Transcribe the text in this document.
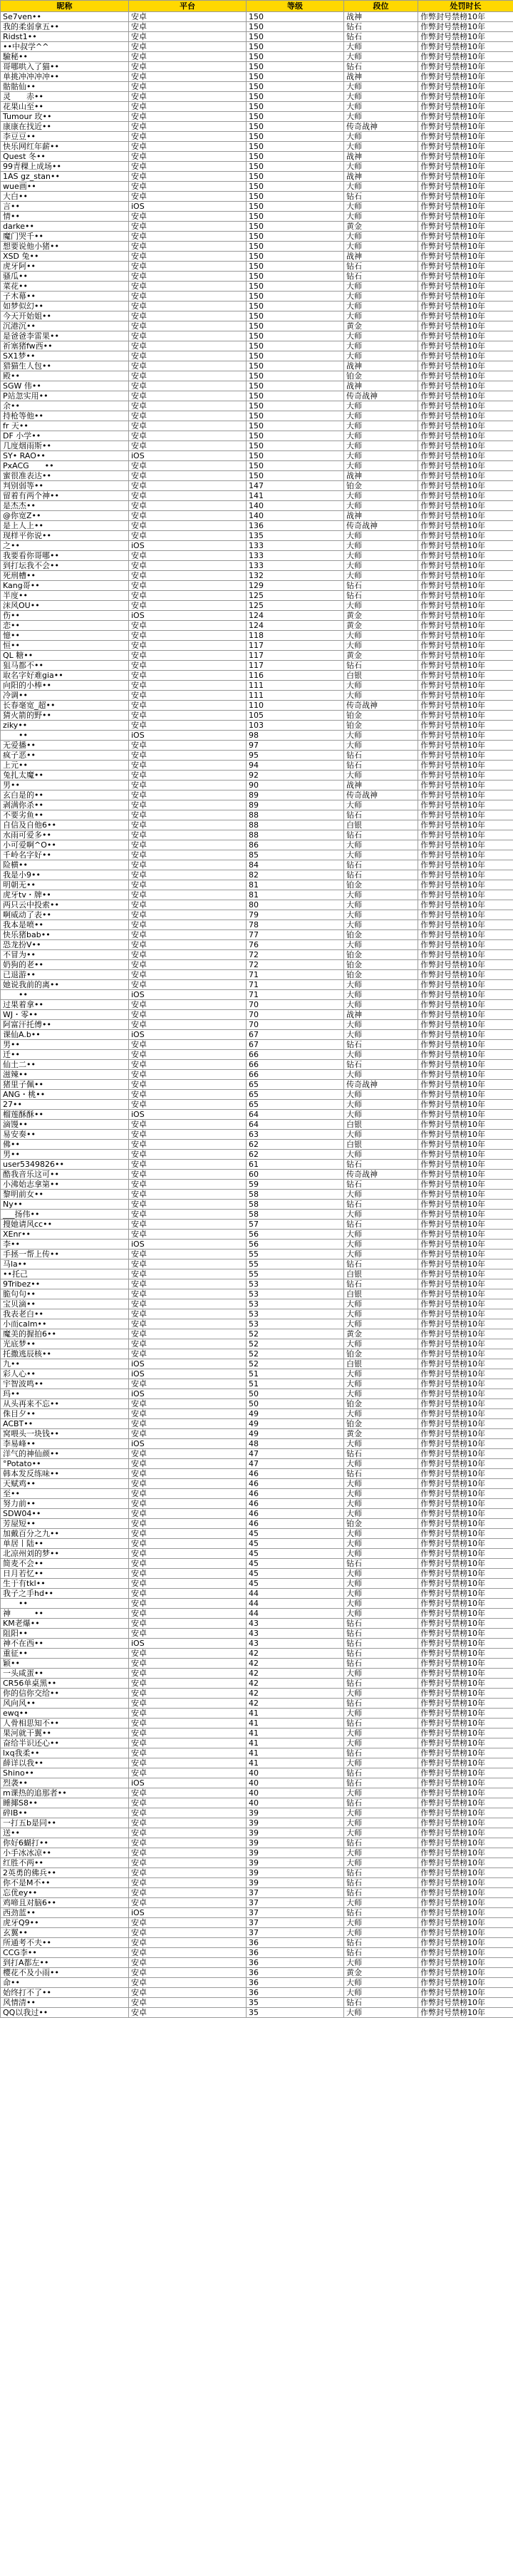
昵称	平台	等级	段位	处罚时长
Se7ven••	安卓	150	战神	作弊封号禁榜10年
我的柔弱拿五••	安卓	150	钻石	作弊封号禁榜10年
Ridst1••	安卓	150	钻石	作弊封号禁榜10年
••中叔学^^	安卓	150	大师	作弊封号禁榜10年
驗秘••	安卓	150	大师	作弊封号禁榜10年
哥哪哄入了猫••	安卓	150	钻石	作弊封号禁榜10年
单挑冲冲冲冲••	安卓	150	战神	作弊封号禁榜10年
骷骷仙••	安卓	150	大师	作弊封号禁榜10年
灵　　赤••	安卓	150	大师	作弊封号禁榜10年
花果山至••	安卓	150	大师	作弊封号禁榜10年
Tumour 玫••	安卓	150	大师	作弊封号禁榜10年
康康在找近••	安卓	150	传奇战神	作弊封号禁榜10年
李豆豆••	安卓	150	大师	作弊封号禁榜10年
快乐网红年薪••	安卓	150	大师	作弊封号禁榜10年
Quest 冬••	安卓	150	战神	作弊封号禁榜10年
99青稞上成场••	安卓	150	大师	作弊封号禁榜10年
1AS gz_stan••	安卓	150	战神	作弊封号禁榜10年
wue画••	安卓	150	大师	作弊封号禁榜10年
大白••	安卓	150	钻石	作弊封号禁榜10年
言••	iOS	150	大师	作弊封号禁榜10年
情••	安卓	150	大师	作弊封号禁榜10年
darke••	安卓	150	黄金	作弊封号禁榜10年
魔门哭千••	安卓	150	大师	作弊封号禁榜10年
想要说他小猪••	安卓	150	大师	作弊封号禁榜10年
XSD 兔••	安卓	150	战神	作弊封号禁榜10年
虎牙阿••	安卓	150	钻石	作弊封号禁榜10年
骚瓜••	安卓	150	钻石	作弊封号禁榜10年
菜花••	安卓	150	大师	作弊封号禁榜10年
子木幕••	安卓	150	大师	作弊封号禁榜10年
如梦似幻••	安卓	150	大师	作弊封号禁榜10年
今天开始姐••	安卓	150	大师	作弊封号禁榜10年
沉港沉••	安卓	150	黄金	作弊封号禁榜10年
是爸爸李雷果••	安卓	150	大师	作弊封号禁榜10年
祈塞猪fw西••	安卓	150	大师	作弊封号禁榜10年
SX1梦••	安卓	150	大师	作弊封号禁榜10年
猎猫生人包••	安卓	150	战神	作弊封号禁榜10年
殿••	安卓	150	铂金	作弊封号禁榜10年
SGW 伟••	安卓	150	战神	作弊封号禁榜10年
P站忽实用••	安卓	150	传奇战神	作弊封号禁榜10年
余••	安卓	150	大师	作弊封号禁榜10年
持枪等他••	安卓	150	大师	作弊封号禁榜10年
fr 天••	安卓	150	大师	作弊封号禁榜10年
DF 小学••	安卓	150	大师	作弊封号禁榜10年
几度烟雨斯••	安卓	150	大师	作弊封号禁榜10年
SY• RAO••	iOS	150	大师	作弊封号禁榜10年
PxACG　　••	安卓	150	大师	作弊封号禁榜10年
蜜很准表达••	安卓	150	战神	作弊封号禁榜10年
判别弱等••	安卓	147	铂金	作弊封号禁榜10年
留着有两个神••	安卓	141	大师	作弊封号禁榜10年
是杰杰••	安卓	140	大师	作弊封号禁榜10年
@你宽Z••	安卓	140	战神	作弊封号禁榜10年
是上人上••	安卓	136	传奇战神	作弊封号禁榜10年
现样平你说••	安卓	135	大师	作弊封号禁榜10年
之••	iOS	133	大师	作弊封号禁榜10年
我要看你哥哪••	安卓	133	大师	作弊封号禁榜10年
到打坛我不会••	安卓	133	大师	作弊封号禁榜10年
死刑槽••	安卓	132	大师	作弊封号禁榜10年
Kang哥••	安卓	129	钻石	作弊封号禁榜10年
半度••	安卓	125	钻石	作弊封号禁榜10年
沫风OU••	安卓	125	大师	作弊封号禁榜10年
伤••	iOS	124	黄金	作弊封号禁榜10年
恋••	安卓	124	黄金	作弊封号禁榜10年
憶••	安卓	118	大师	作弊封号禁榜10年
恒••	安卓	117	大师	作弊封号禁榜10年
QL 糖••	安卓	117	黄金	作弊封号禁榜10年
狙马都不••	安卓	117	钻石	作弊封号禁榜10年
取名字好难gia••	安卓	116	白银	作弊封号禁榜10年
向阳的小棒••	安卓	111	大师	作弊封号禁榜10年
冷调••	安卓	111	大师	作弊封号禁榜10年
长春毫宽_超••	安卓	110	传奇战神	作弊封号禁榜10年
猜火箭的野••	安卓	105	铂金	作弊封号禁榜10年
ziky••	安卓	103	铂金	作弊封号禁榜10年
　　••	iOS	98	大师	作弊封号禁榜10年
无爱播••	安卓	97	大师	作弊封号禁榜10年
疯子恶••	安卓	95	钻石	作弊封号禁榜10年
上元••	安卓	94	钻石	作弊封号禁榜10年
兔扎太魔••	安卓	92	大师	作弊封号禁榜10年
男••	安卓	90	战神	作弊封号禁榜10年
玄白是的••	安卓	89	传奇战神	作弊封号禁榜10年
剥满你杀••	安卓	89	大师	作弊封号禁榜10年
不要劣鱼••	安卓	88	钻石	作弊封号禁榜10年
自信及自他6••	安卓	88	白银	作弊封号禁榜10年
水雨可爱多••	安卓	88	钻石	作弊封号禁榜10年
小可爱啊^O••	安卓	86	大师	作弊封号禁榜10年
千岭名字好••	安卓	85	大师	作弊封号禁榜10年
险横••	安卓	84	钻石	作弊封号禁榜10年
我是小9••	安卓	82	钻石	作弊封号禁榜10年
明朝无••	安卓	81	铂金	作弊封号禁榜10年
虎牙tv・牌••	安卓	81	大师	作弊封号禁榜10年
两只云中投索••	安卓	80	大师	作弊封号禁榜10年
啊威动了表••	安卓	79	大师	作弊封号禁榜10年
我本是喷••	安卓	78	大师	作弊封号禁榜10年
快乐猪bab••	安卓	77	铂金	作弊封号禁榜10年
恐龙扮V••	安卓	76	大师	作弊封号禁榜10年
不冒为••	安卓	72	铂金	作弊封号禁榜10年
奶狗的老••	安卓	72	铂金	作弊封号禁榜10年
已退游••	安卓	71	铂金	作弊封号禁榜10年
她说我前的离••	安卓	71	大师	作弊封号禁榜10年
　　••	iOS	71	大师	作弊封号禁榜10年
过果着拿••	安卓	70	大师	作弊封号禁榜10年
WJ・零••	安卓	70	战神	作弊封号禁榜10年
阿富汗托傅••	安卓	70	大师	作弊封号禁榜10年
课仙A.b••	iOS	67	大师	作弊封号禁榜10年
男••	安卓	67	钻石	作弊封号禁榜10年
迁••	安卓	66	大师	作弊封号禁榜10年
仙土二••	安卓	66	钻石	作弊封号禁榜10年
滋辣••	安卓	66	大师	作弊封号禁榜10年
猪里子佩••	安卓	65	传奇战神	作弊封号禁榜10年
ANG・桃••	安卓	65	大师	作弊封号禁榜10年
27••	安卓	65	大师	作弊封号禁榜10年
榴莲酥酥••	iOS	64	大师	作弊封号禁榜10年
滴馒••	安卓	64	白银	作弊封号禁榜10年
易安奏••	安卓	63	大师	作弊封号禁榜10年
佛••	安卓	62	白银	作弊封号禁榜10年
男••	安卓	62	大师	作弊封号禁榜10年
user5349826••	安卓	61	钻石	作弊封号禁榜10年
酷我音乐这可••	安卓	60	传奇战神	作弊封号禁榜10年
小沸始志拿第••	安卓	59	钻石	作弊封号禁榜10年
黎明前女••	安卓	58	大师	作弊封号禁榜10年
Ny••	安卓	58	钻石	作弊封号禁榜10年
___扬伟••	安卓	58	大师	作弊封号禁榜10年
搜她请风cc••	安卓	57	钻石	作弊封号禁榜10年
XEnr••	安卓	56	大师	作弊封号禁榜10年
李••	iOS	56	大师	作弊封号禁榜10年
手拯一帮上传••	安卓	55	大师	作弊封号禁榜10年
马la••	安卓	55	钻石	作弊封号禁榜10年
••托己	安卓	55	白银	作弊封号禁榜10年
9Tribez••	安卓	53	钻石	作弊封号禁榜10年
脆句句••	安卓	53	白银	作弊封号禁榜10年
宝贝滴••	安卓	53	大师	作弊封号禁榜10年
我表老白••	安卓	53	大师	作弊封号禁榜10年
小而calm••	安卓	53	大师	作弊封号禁榜10年
魔美的握拍6••	安卓	52	黄金	作弊封号禁榜10年
光底梦••	安卓	52	大师	作弊封号禁榜10年
托撒逃辰核••	安卓	52	铂金	作弊封号禁榜10年
九••	iOS	52	白银	作弊封号禁榜10年
彩人心••	iOS	51	大师	作弊封号禁榜10年
宇智波鸣••	安卓	51	大师	作弊封号禁榜10年
玛••	iOS	50	大师	作弊封号禁榜10年
从头再来不忘••	安卓	50	铂金	作弊封号禁榜10年
侏目夕••	安卓	49	大师	作弊封号禁榜10年
ACBT••	安卓	49	铂金	作弊封号禁榜10年
窝喂头一块钱••	安卓	49	黄金	作弊封号禁榜10年
李易峰••	iOS	48	大师	作弊封号禁榜10年
洋气的神仙颜••	安卓	47	钻石	作弊封号禁榜10年
°Potato••	安卓	47	大师	作弊封号禁榜10年
韩本发反练味••	安卓	46	钻石	作弊封号禁榜10年
天赋鸡••	安卓	46	大师	作弊封号禁榜10年
至••	安卓	46	大师	作弊封号禁榜10年
努力前••	安卓	46	大师	作弊封号禁榜10年
SDW04••	安卓	46	大师	作弊封号禁榜10年
芳屋短••	安卓	46	铂金	作弊封号禁榜10年
加戴百分之九••	安卓	45	大师	作弊封号禁榜10年
单居丨陆••	安卓	45	大师	作弊封号禁榜10年
北凉州刘的梦••	安卓	45	大师	作弊封号禁榜10年
简麦不会••	安卓	45	钻石	作弊封号禁榜10年
日月若忆••	安卓	45	大师	作弊封号禁榜10年
生于有tkl••	安卓	45	大师	作弊封号禁榜10年
我子之手hd••	安卓	44	大师	作弊封号禁榜10年
　　••	安卓	44	大师	作弊封号禁榜10年
神　　　••	安卓	44	大师	作弊封号禁榜10年
KM老爆••	安卓	43	钻石	作弊封号禁榜10年
阻阳••	安卓	43	钻石	作弊封号禁榜10年
神不在西••	iOS	43	钻石	作弊封号禁榜10年
重征••	安卓	42	钻石	作弊封号禁榜10年
颖••	安卓	42	钻石	作弊封号禁榜10年
一头咸蛋••	安卓	42	大师	作弊封号禁榜10年
CR56单桌黑••	安卓	42	钻石	作弊封号禁榜10年
你的信你交给••	安卓	42	大师	作弊封号禁榜10年
风向风••	安卓	42	钻石	作弊封号禁榜10年
ewq••	安卓	41	大师	作弊封号禁榜10年
人骨相思知不••	安卓	41	钻石	作弊封号禁榜10年
果河就干翼••	安卓	41	大师	作弊封号禁榜10年
奋给半识还心••	安卓	41	大师	作弊封号禁榜10年
lxq我柔••	安卓	41	钻石	作弊封号禁榜10年
薛详以我••	安卓	41	大师	作弊封号禁榜10年
Shino••	安卓	40	钻石	作弊封号禁榜10年
烈袭••	iOS	40	钻石	作弊封号禁榜10年
m课热的追那者••	安卓	40	大师	作弊封号禁榜10年
睡揶S8••	安卓	40	钻石	作弊封号禁榜10年
碎lB••	安卓	39	大师	作弊封号禁榜10年
一打五b是同••	安卓	39	大师	作弊封号禁榜10年
送••	安卓	39	大师	作弊封号禁榜10年
你好6蝴打••	安卓	39	钻石	作弊封号禁榜10年
小手冰冰凉••	安卓	39	大师	作弊封号禁榜10年
红胜不两••	安卓	39	大师	作弊封号禁榜10年
2英勇的佛兵••	安卓	39	钻石	作弊封号禁榜10年
你不是M不••	安卓	39	钻石	作弊封号禁榜10年
忘优ey••	安卓	37	钻石	作弊封号禁榜10年
鸡啼且对脑6••	安卓	37	大师	作弊封号禁榜10年
西劲蓝••	iOS	37	钻石	作弊封号禁榜10年
虎牙Q9••	安卓	37	大师	作弊封号禁榜10年
玄翼••	安卓	37	大师	作弊封号禁榜10年
所通考不夫••	安卓	36	钻石	作弊封号禁榜10年
CCG李••	安卓	36	钻石	作弊封号禁榜10年
到打A都左••	安卓	36	大师	作弊封号禁榜10年
樱花不及小雨••	安卓	36	黄金	作弊封号禁榜10年
命••	安卓	36	大师	作弊封号禁榜10年
始终打不了••	安卓	36	大师	作弊封号禁榜10年
风情清••	安卓	35	钻石	作弊封号禁榜10年
QQ以我过••	安卓	35	大师	作弊封号禁榜10年
